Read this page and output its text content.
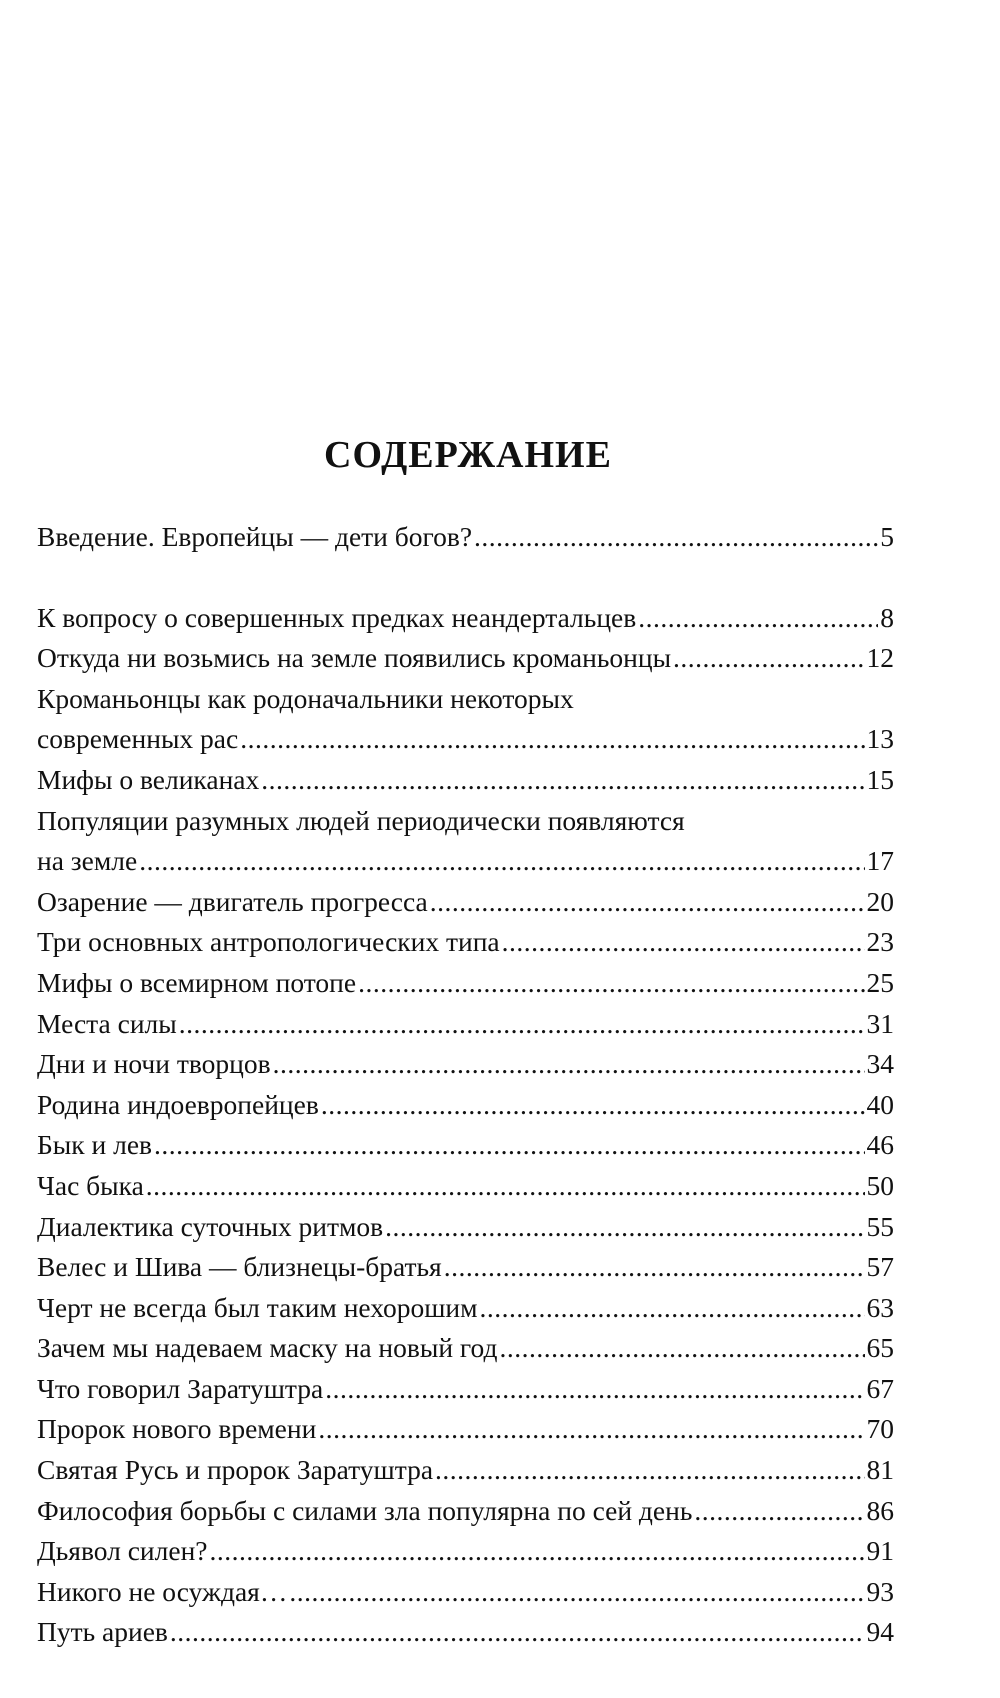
СОДЕРЖАНИЕ
Введение. Европейцы — дети богов? .....	5
К вопросу о совершенных предках неандертальцев .....	8
Откуда ни возьмись на земле появились кроманьонцы .....	12
Кроманьонцы как родоначальники некоторых
современных рас .....	13
Мифы о великанах .....	15
Популяции разумных людей периодически появляются
на земле .....	17
Озарение — двигатель прогресса .....	20
Три основных антропологических типа .....	23
Мифы о всемирном потопе .....	25
Места силы .....	31
Дни и ночи творцов .....	34
Родина индоевропейцев .....	40
Бык и лев .....	46
Час быка .....	50
Диалектика суточных ритмов .....	55
Велес и Шива — близнецы-братья .....	57
Черт не всегда был таким нехорошим .....	63
Зачем мы надеваем маску на новый год .....	65
Что говорил Заратуштра .....	67
Пророк нового времени .....	70
Святая Русь и пророк Заратуштра .....	81
Философия борьбы с силами зла популярна по сей день .....	86
Дьявол силен? .....	91
Никого не осуждая… .....	93
Путь ариев .....	94
